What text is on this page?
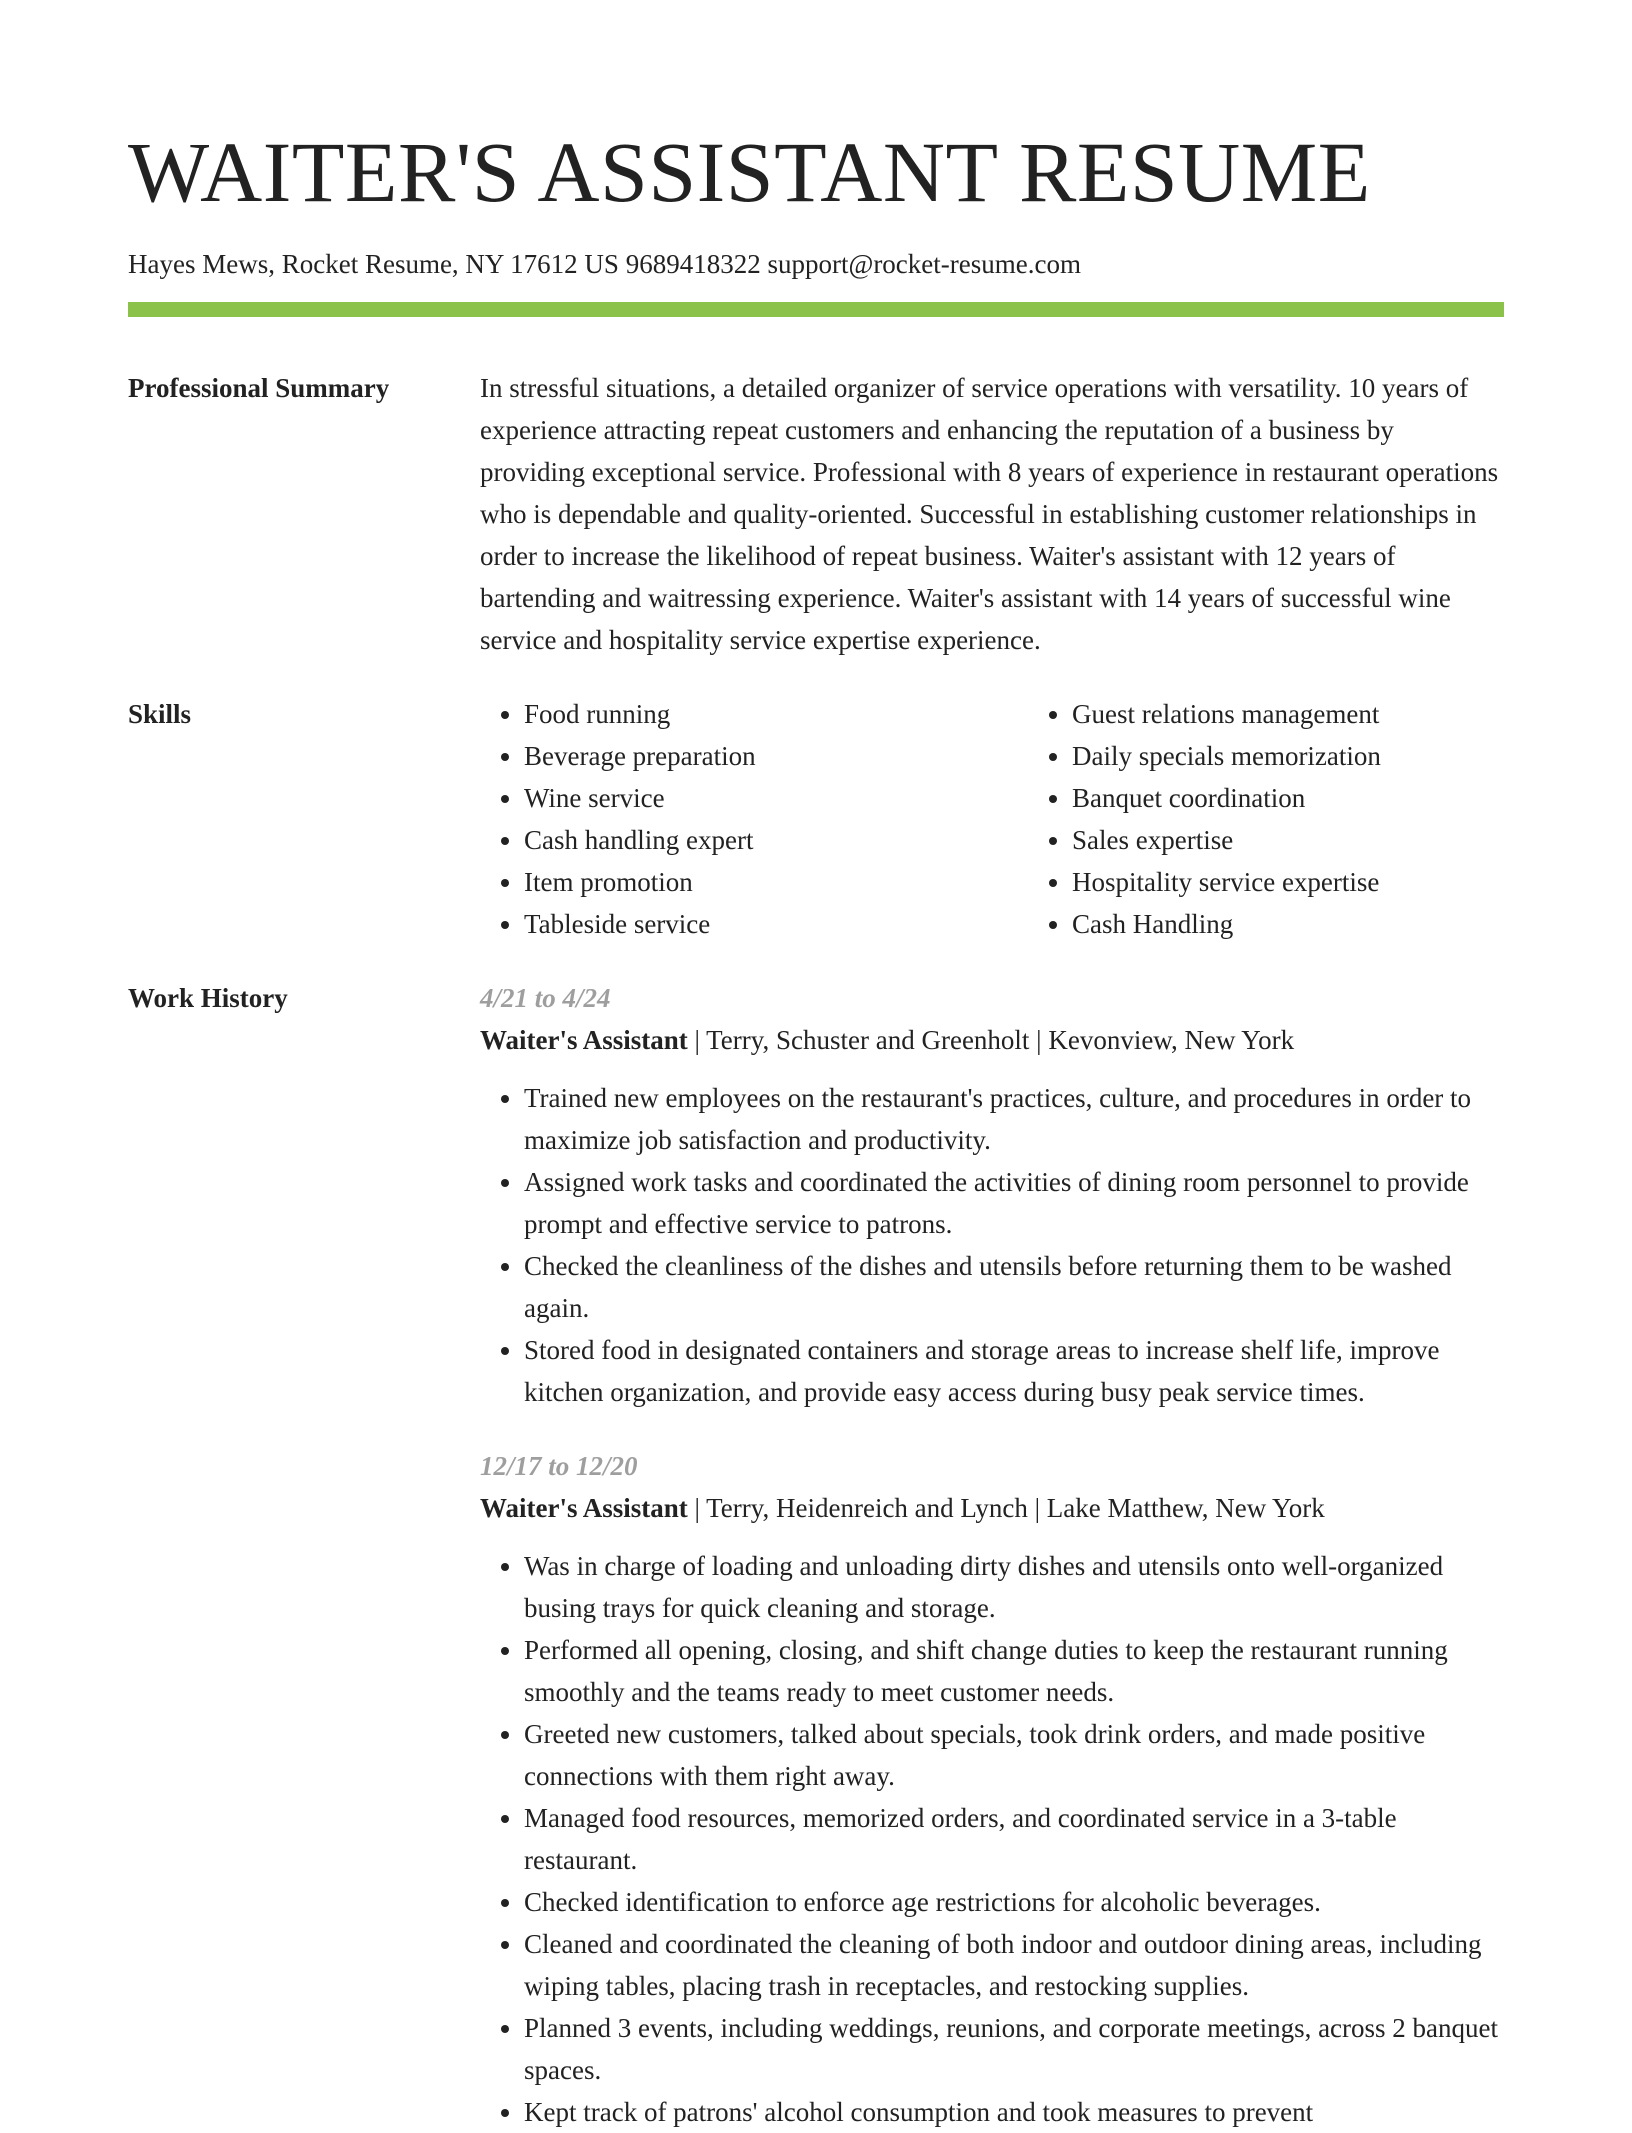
WAITER'S ASSISTANT RESUME
Hayes Mews, Rocket Resume, NY 17612 US 9689418322 support@rocket-resume.com
Professional Summary	In stressful situations, a detailed organizer of service operations with versatility. 10 years of experience attracting repeat customers and enhancing the reputation of a business by providing exceptional service. Professional with 8 years of experience in restaurant operations who is dependable and quality-oriented. Successful in establishing customer relationships in order to increase the likelihood of repeat business. Waiter's assistant with 12 years of bartending and waitressing experience. Waiter's assistant with 14 years of successful wine service and hospitality service expertise experience.

Skills
•	Food running
• Beverage preparation
• Wine service
• Cash handling expert
• Item promotion
• Tableside service
• Guest relations management
• Daily specials memorization
• Banquet coordination
• Sales expertise
• Hospitality service expertise
• Cash Handling
Work History	4/21 to 4/24
Waiter's Assistant | Terry, Schuster and Greenholt | Kevonview, New York
• Trained new employees on the restaurant's practices, culture, and procedures in order to maximize job satisfaction and productivity.
• Assigned work tasks and coordinated the activities of dining room personnel to provide prompt and effective service to patrons.
• Checked the cleanliness of the dishes and utensils before returning them to be washed again.
• Stored food in designated containers and storage areas to increase shelf life, improve kitchen organization, and provide easy access during busy peak service times.
12/17 to 12/20
Waiter's Assistant | Terry, Heidenreich and Lynch | Lake Matthew, New York
• Was in charge of loading and unloading dirty dishes and utensils onto well-organized busing trays for quick cleaning and storage.
• Performed all opening, closing, and shift change duties to keep the restaurant running smoothly and the teams ready to meet customer needs.
• Greeted new customers, talked about specials, took drink orders, and made positive connections with them right away.
• Managed food resources, memorized orders, and coordinated service in a 3-table restaurant.
• Checked identification to enforce age restrictions for alcoholic beverages.
• Cleaned and coordinated the cleaning of both indoor and outdoor dining areas, including wiping tables, placing trash in receptacles, and restocking supplies.
• Planned 3 events, including weddings, reunions, and corporate meetings, across 2 banquet spaces.
• Kept track of patrons' alcohol consumption and took measures to prevent
